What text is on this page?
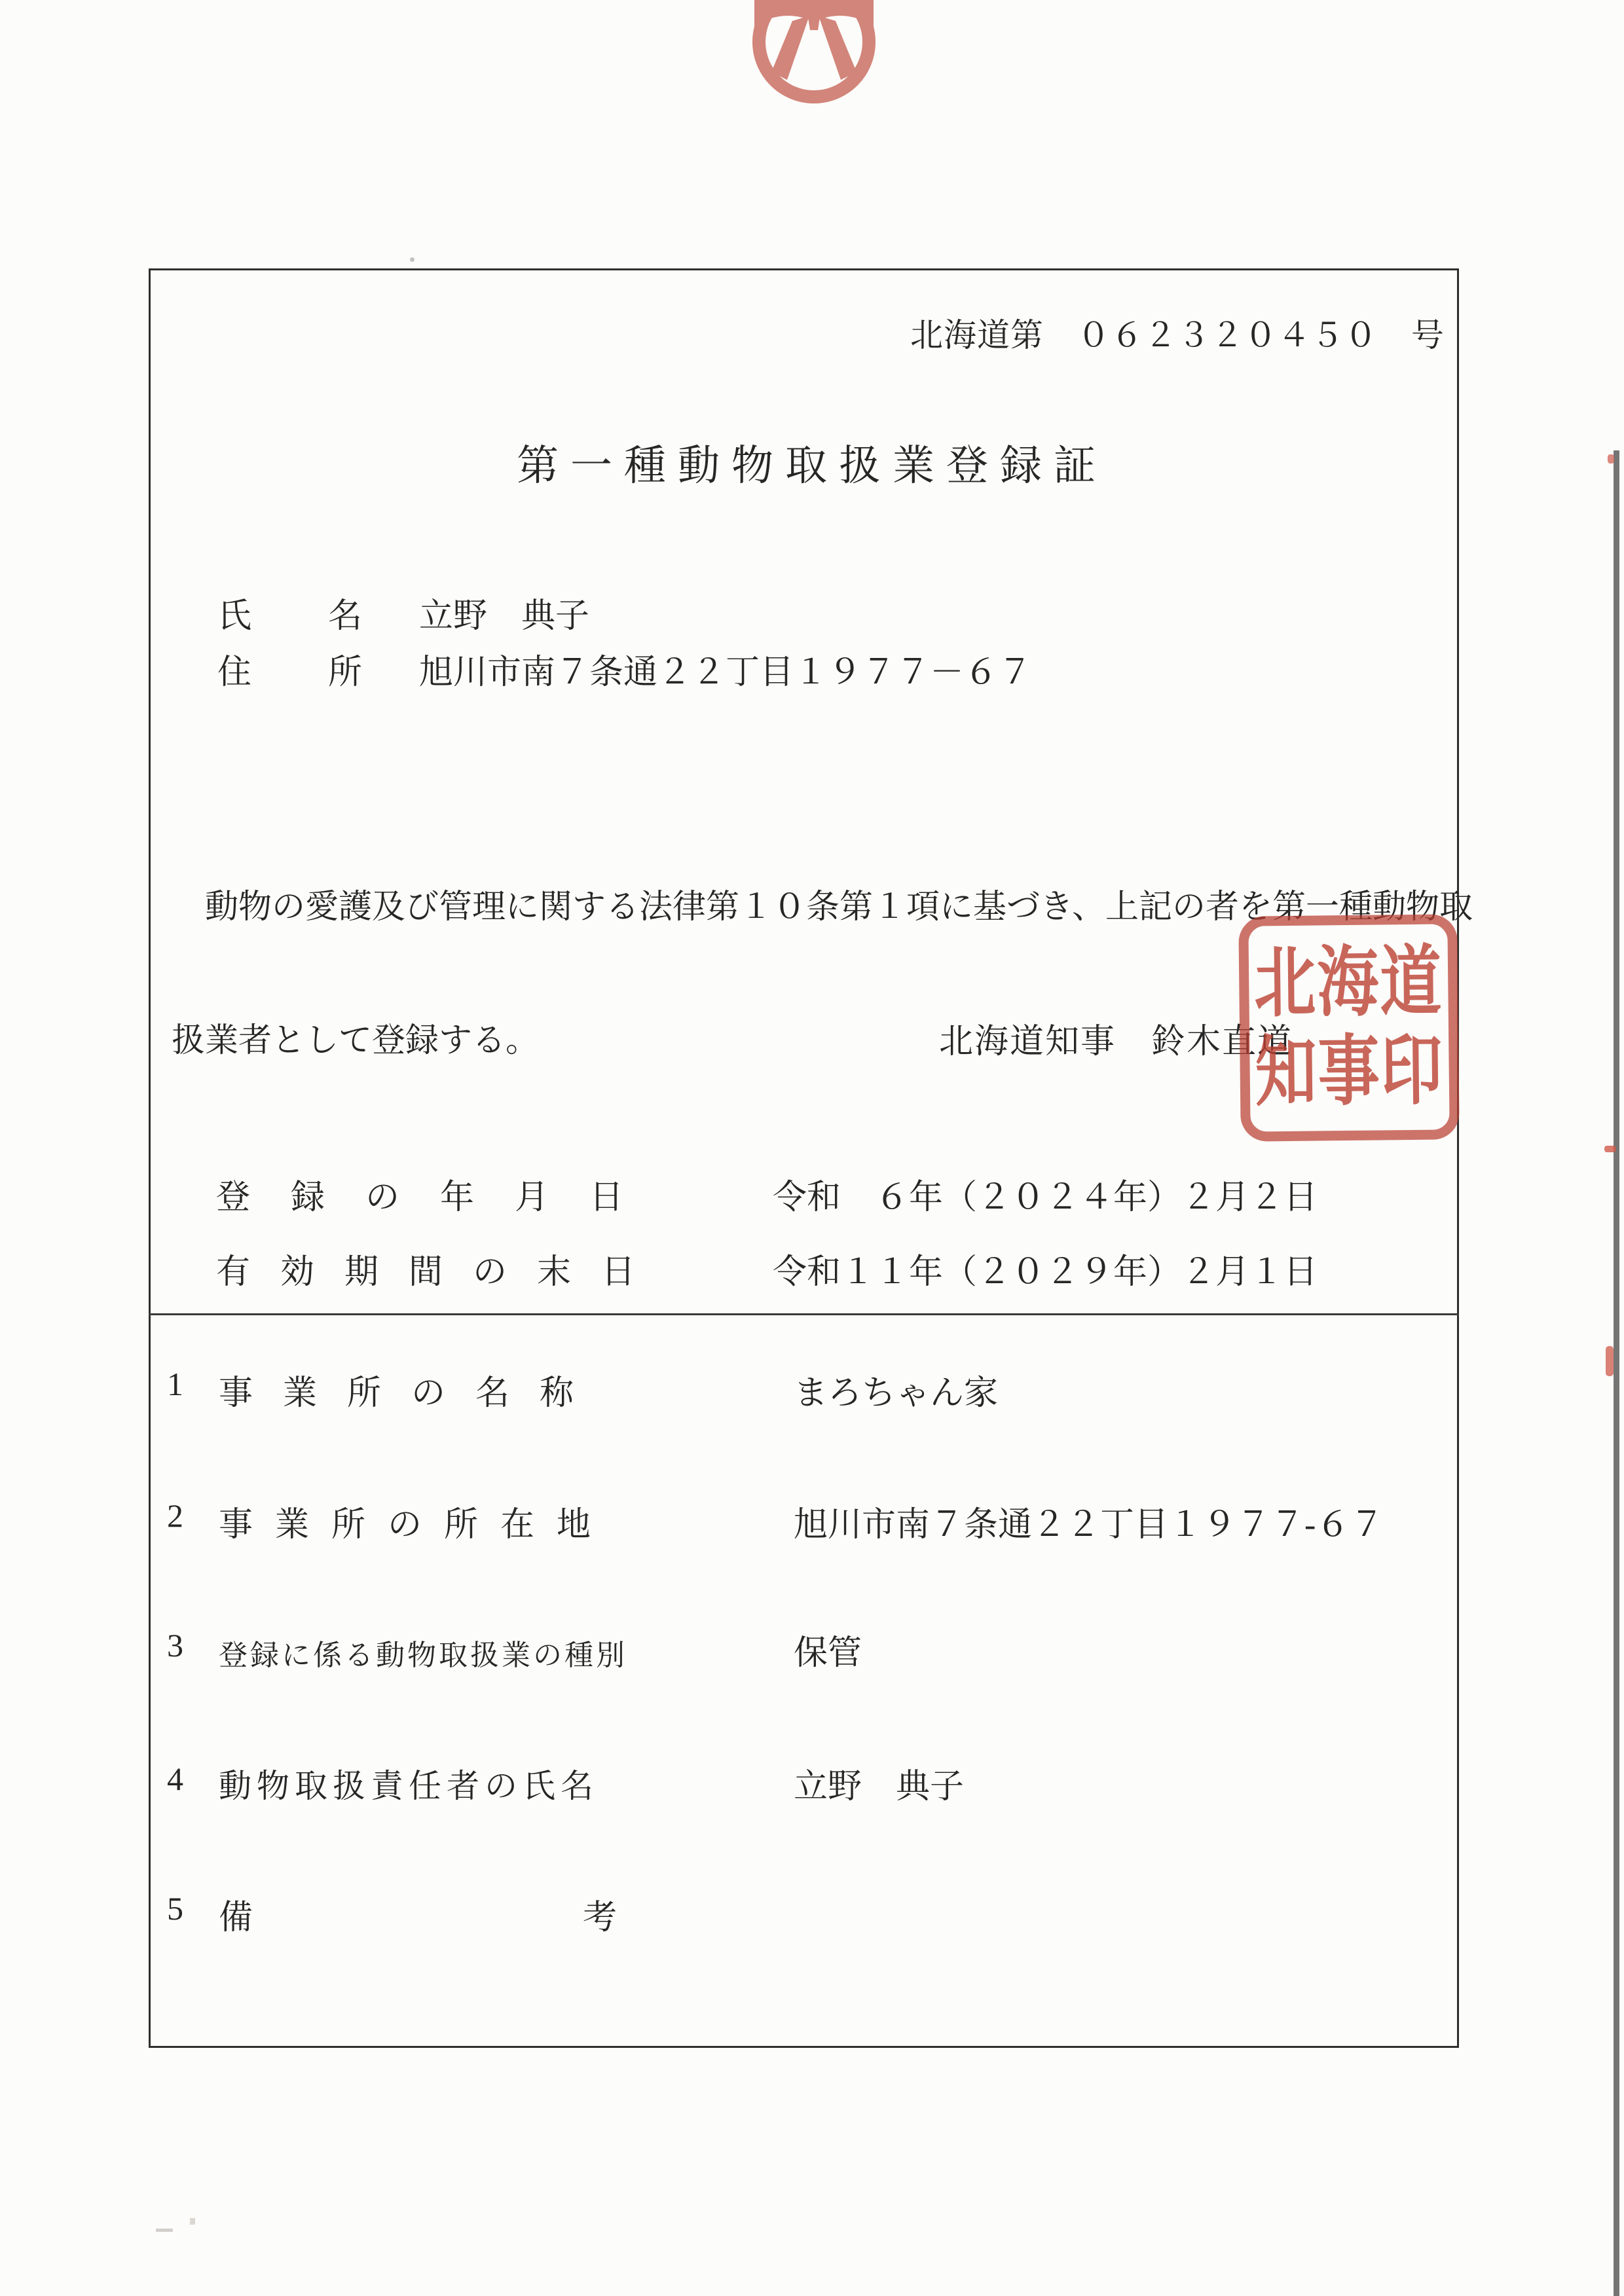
北海道第　０６２３２０４５０　号
第一種動物取扱業登録証
氏 名 立野　典子
住 所 旭川市南７条通２２丁目１９７７－６７

　動物の愛護及び管理に関する法律第１０条第１項に基づき、上記の者を第一種動物取

扱業者として登録する。

	北海道知事　鈴木直道
北海道
知事印
登録の年月日	令和　６年（２０２４年）２月２日
有効期間の末日	令和１１年（２０２９年）２月１日
1 事業所の名称	まろちゃん家
2 事業所の所在地	旭川市南７条通２２丁目１９７７-６７
3 登録に係る動物取扱業の種別	保管
4 動物取扱責任者の氏名	立野　典子
5 備	考
